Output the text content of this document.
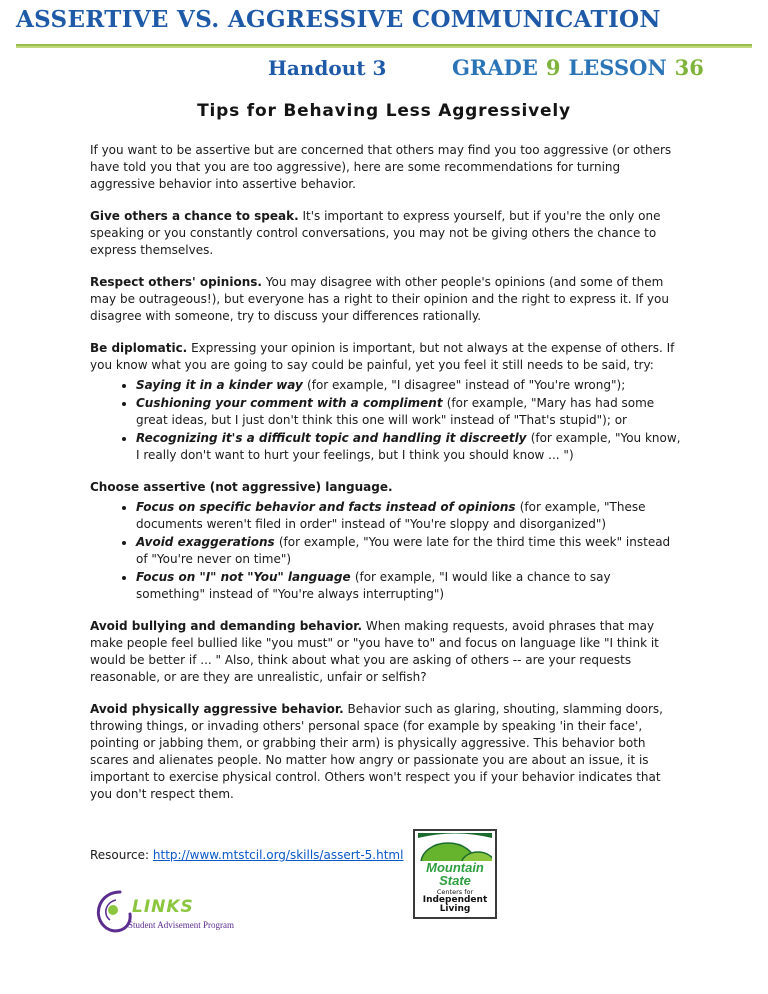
ASSERTIVE VS. AGGRESSIVE COMMUNICATION
Handout 3	GRADE 9 LESSON 36
Tips for Behaving Less Aggressively

If you want to be assertive but are concerned that others may find you too aggressive (or others have told you that you are too aggressive), here are some recommendations for turning aggressive behavior into assertive behavior.

Give others a chance to speak. It's important to express yourself, but if you're the only one speaking or you constantly control conversations, you may not be giving others the chance to express themselves.

Respect others' opinions. You may disagree with other people's opinions (and some of them may be outrageous!), but everyone has a right to their opinion and the right to express it. If you disagree with someone, try to discuss your differences rationally.

Be diplomatic. Expressing your opinion is important, but not always at the expense of others. If you know what you are going to say could be painful, yet you feel it still needs to be said, try:

• Saying it in a kinder way (for example, "I disagree" instead of "You're wrong");
• Cushioning your comment with a compliment (for example, "Mary has had some great ideas, but I just don't think this one will work" instead of "That's stupid"); or
• Recognizing it's a difficult topic and handling it discreetly (for example, "You know, I really don't want to hurt your feelings, but I think you should know ... ")

Choose assertive (not aggressive) language.

• Focus on specific behavior and facts instead of opinions (for example, "These documents weren't filed in order" instead of "You're sloppy and disorganized")
• Avoid exaggerations (for example, "You were late for the third time this week" instead of "You're never on time")
• Focus on "I" not "You" language (for example, "I would like a chance to say something" instead of "You're always interrupting")

Avoid bullying and demanding behavior. When making requests, avoid phrases that may make people feel bullied like "you must" or "you have to" and focus on language like "I think it would be better if ... " Also, think about what you are asking of others -- are your requests reasonable, or are they are unrealistic, unfair or selfish?

Avoid physically aggressive behavior. Behavior such as glaring, shouting, slamming doors, throwing things, or invading others' personal space (for example by speaking 'in their face', pointing or jabbing them, or grabbing their arm) is physically aggressive. This behavior both scares and alienates people. No matter how angry or passionate you are about an issue, it is important to exercise physical control. Others won't respect you if your behavior indicates that you don't respect them.

Resource: http://www.mtstcil.org/skills/assert-5.html
Mountain
State
Centers for
Independent
Living
LINKS
Student Advisement Program
